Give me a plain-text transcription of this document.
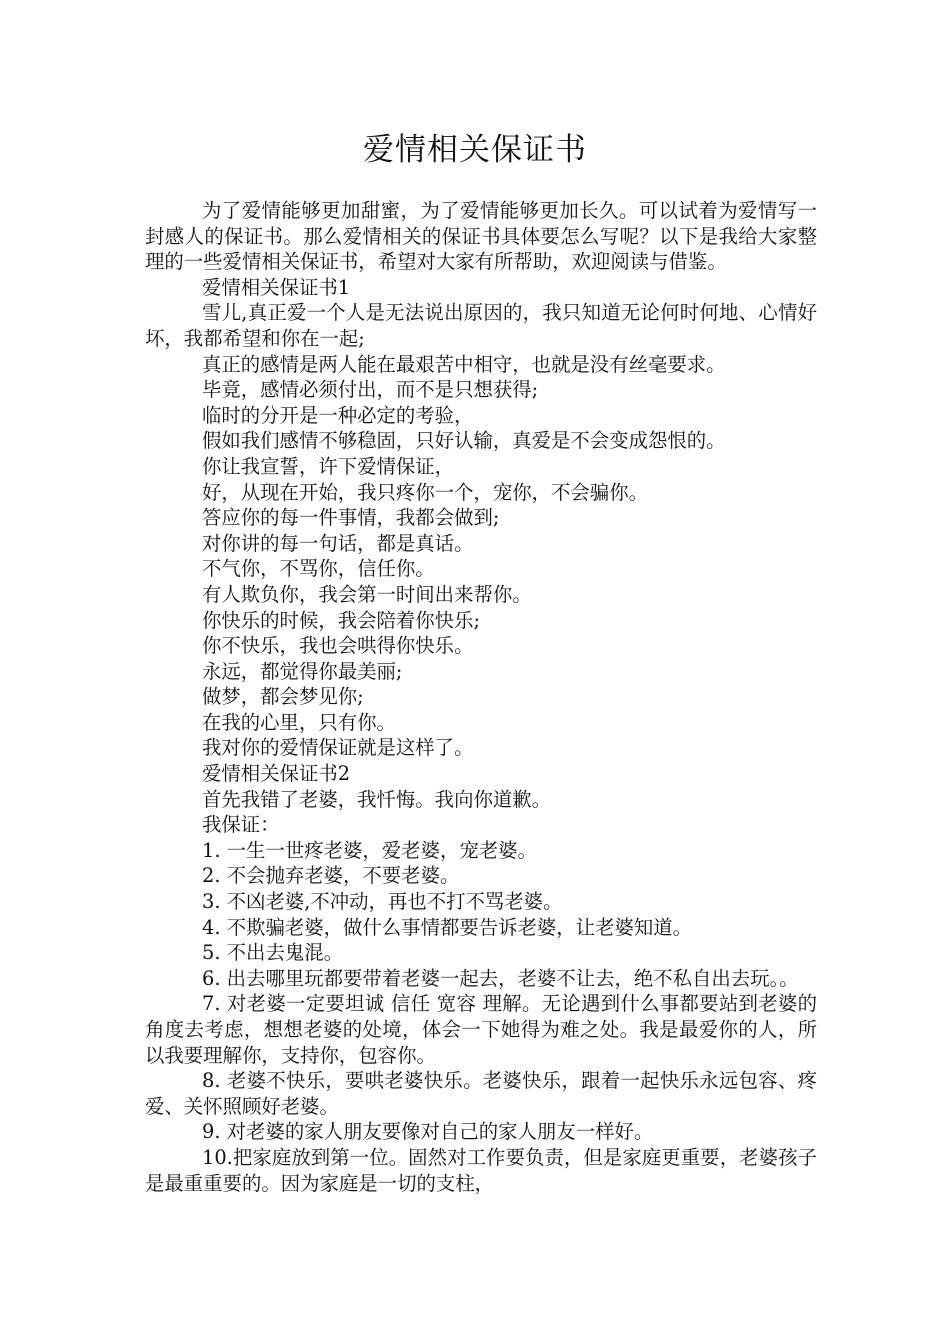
爱情相关保证书

为了爱情能够更加甜蜜，为了爱情能够更加长久。可以试着为爱情写一封感人的保证书。那么爱情相关的保证书具体要怎么写呢？以下是我给大家整理的一些爱情相关保证书，希望对大家有所帮助，欢迎阅读与借鉴。

爱情相关保证书1

雪儿,真正爱一个人是无法说出原因的，我只知道无论何时何地、心情好坏，我都希望和你在一起;

真正的感情是两人能在最艰苦中相守，也就是没有丝毫要求。

毕竟，感情必须付出，而不是只想获得;

临时的分开是一种必定的考验，

假如我们感情不够稳固，只好认输，真爱是不会变成怨恨的。

你让我宣誓，许下爱情保证，

好，从现在开始，我只疼你一个，宠你，不会骗你。

答应你的每一件事情，我都会做到;

对你讲的每一句话，都是真话。

不气你，不骂你，信任你。

有人欺负你，我会第一时间出来帮你。

你快乐的时候，我会陪着你快乐;

你不快乐，我也会哄得你快乐。

永远，都觉得你最美丽;

做梦，都会梦见你;

在我的心里，只有你。

我对你的爱情保证就是这样了。

爱情相关保证书2

首先我错了老婆，我忏悔。我向你道歉。

我保证：

1. 一生一世疼老婆，爱老婆，宠老婆。

2. 不会抛弃老婆，不要老婆。

3. 不凶老婆,不冲动，再也不打不骂老婆。

4. 不欺骗老婆，做什么事情都要告诉老婆，让老婆知道。

5. 不出去鬼混。

6. 出去哪里玩都要带着老婆一起去，老婆不让去，绝不私自出去玩。。

7. 对老婆一定要坦诚 信任 宽容 理解。无论遇到什么事都要站到老婆的角度去考虑，想想老婆的处境，体会一下她得为难之处。我是最爱你的人，所以我要理解你，支持你，包容你。

8. 老婆不快乐，要哄老婆快乐。老婆快乐，跟着一起快乐永远包容、疼爱、关怀照顾好老婆。

9. 对老婆的家人朋友要像对自己的家人朋友一样好。

10.把家庭放到第一位。固然对工作要负责，但是家庭更重要，老婆孩子是最重重要的。因为家庭是一切的支柱，
